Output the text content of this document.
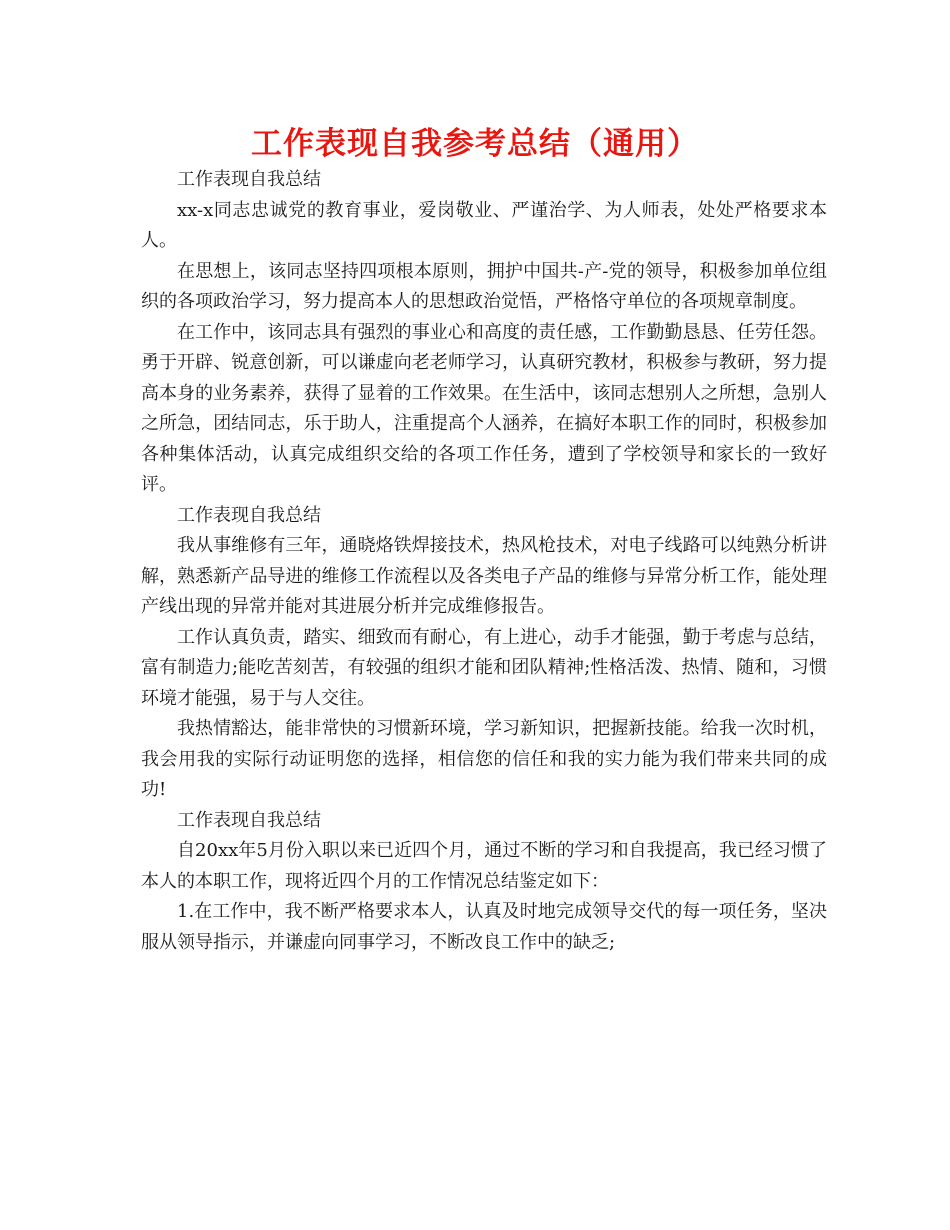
工作表现自我参考总结（通用）

工作表现自我总结

xx-x同志忠诚党的教育事业，爱岗敬业、严谨治学、为人师表，处处严格要求本人。

在思想上，该同志坚持四项根本原则，拥护中国共-产-党的领导，积极参加单位组织的各项政治学习，努力提高本人的思想政治觉悟，严格恪守单位的各项规章制度。

在工作中，该同志具有强烈的事业心和高度的责任感，工作勤勤恳恳、任劳任怨。勇于开辟、锐意创新，可以谦虚向老老师学习，认真研究教材，积极参与教研，努力提高本身的业务素养，获得了显着的工作效果。在生活中，该同志想别人之所想，急别人之所急，团结同志，乐于助人，注重提高个人涵养，在搞好本职工作的同时，积极参加各种集体活动，认真完成组织交给的各项工作任务，遭到了学校领导和家长的一致好评。

工作表现自我总结

我从事维修有三年，通晓烙铁焊接技术，热风枪技术，对电子线路可以纯熟分析讲解，熟悉新产品导进的维修工作流程以及各类电子产品的维修与异常分析工作，能处理产线出现的异常并能对其进展分析并完成维修报告。

工作认真负责，踏实、细致而有耐心，有上进心，动手才能强，勤于考虑与总结，富有制造力;能吃苦刻苦，有较强的组织才能和团队精神;性格活泼、热情、随和，习惯环境才能强，易于与人交往。

我热情豁达，能非常快的习惯新环境，学习新知识，把握新技能。给我一次时机，我会用我的实际行动证明您的选择，相信您的信任和我的实力能为我们带来共同的成功!

工作表现自我总结

自20xx年5月份入职以来已近四个月，通过不断的学习和自我提高，我已经习惯了本人的本职工作，现将近四个月的工作情况总结鉴定如下：

1.在工作中，我不断严格要求本人，认真及时地完成领导交代的每一项任务，坚决服从领导指示，并谦虚向同事学习，不断改良工作中的缺乏;
